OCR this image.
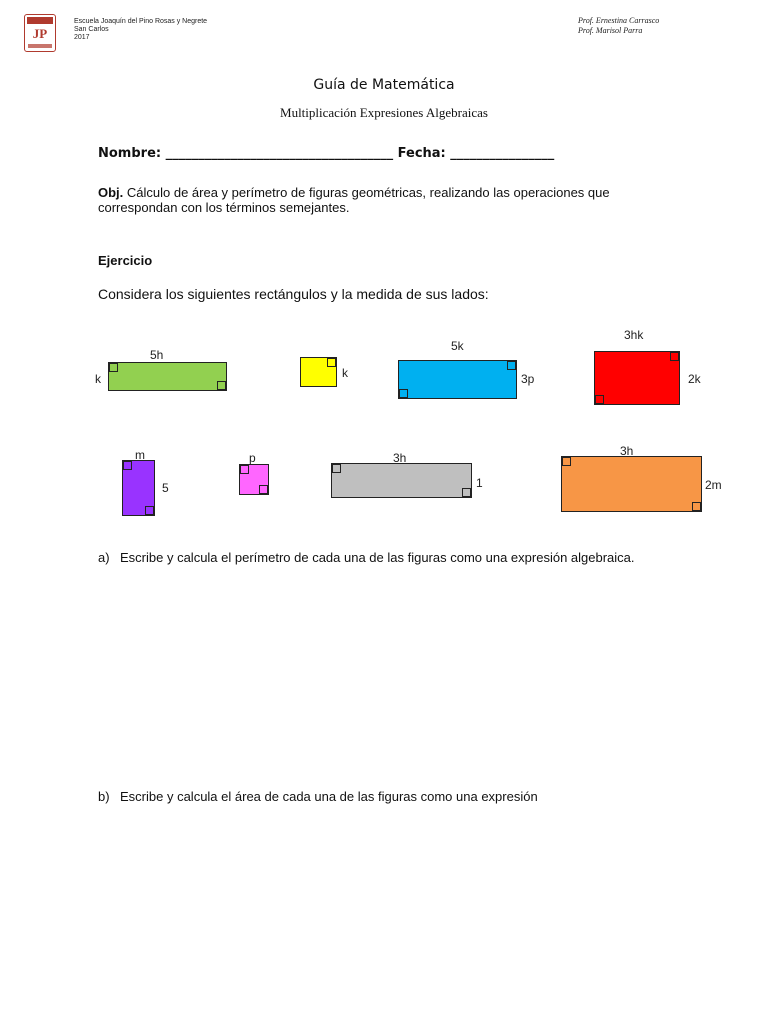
JP
Escuela Joaquín del Pino Rosas y Negrete
San Carlos
2017
Prof. Ernestina Carrasco
Prof. Marisol Parra
Guía de Matemática
Multiplicación Expresiones Algebraicas
Nombre: ___________________________________ Fecha: ________________
Obj. Cálculo de área y perímetro de figuras geométricas, realizando las operaciones que correspondan con los términos semejantes.
Ejercicio
Considera los siguientes rectángulos y la medida de sus lados:
5h
k	k
5k
3p
3hk
2k
m
5
p	3h
1
3h
2m
a) Escribe y calcula el perímetro de cada una de las figuras como una expresión algebraica.
b) Escribe y calcula el área de cada una de las figuras como una expresión
